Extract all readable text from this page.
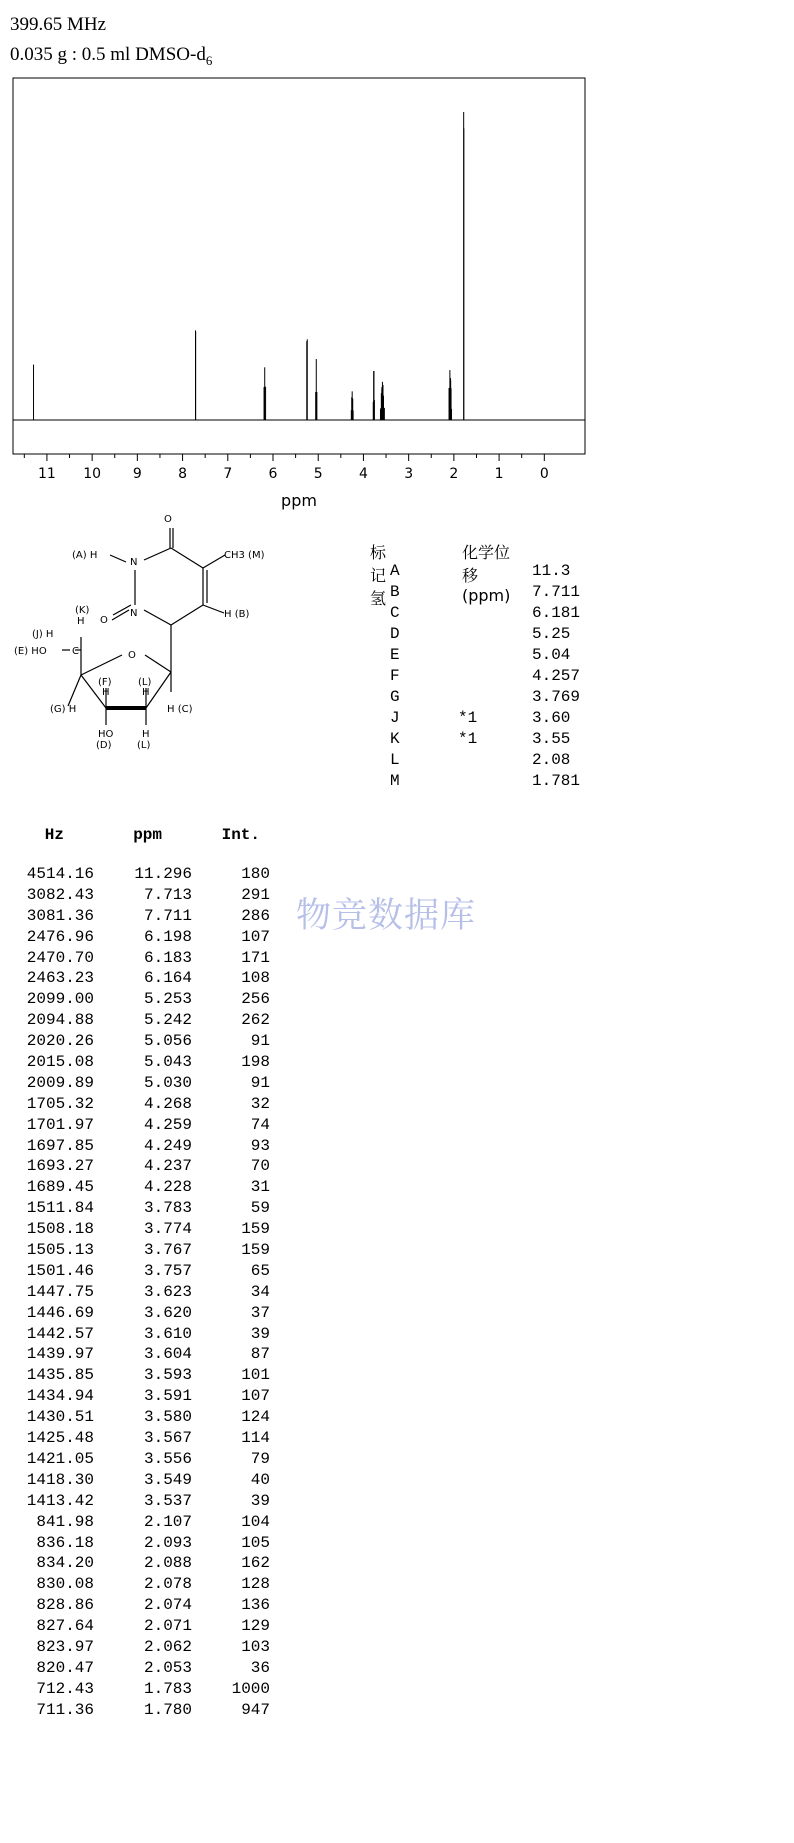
399.65 MHz
0.035 g : 0.5 ml DMSO-$d_6$
11 10 9	8	7	6	5	4	3	2	1	0
ppm
O
(A) H
N
CH3 (M)
O
N	H (B)
(K)
H
(J) H
(E) HO	C	O
(F)
H
(L)
H
(G) H	H (C)
HO
(D)
H
(L)
标记氢
化学位移 (ppm)
A	11.3
B	7.711
C	6.181
D	5.25
E	5.04
F	4.257
G	3.769
J	*1	3.60
K	*1	3.55
L	2.08
M	1.781
Hz	ppm	Int.
4514.16	11.296	180
3082.43	7.713	291
3081.36	7.711	286
2476.96	6.198	107
2470.70	6.183	171
2463.23	6.164	108
2099.00	5.253	256
2094.88	5.242	262
2020.26	5.056	91
2015.08	5.043	198
2009.89	5.030	91
1705.32	4.268	32
1701.97	4.259	74
1697.85	4.249	93
1693.27	4.237	70
1689.45	4.228	31
1511.84	3.783	59
1508.18	3.774	159
1505.13	3.767	159
1501.46	3.757	65
1447.75	3.623	34
1446.69	3.620	37
1442.57	3.610	39
1439.97	3.604	87
1435.85	3.593	101
1434.94	3.591	107
1430.51	3.580	124
1425.48	3.567	114
1421.05	3.556	79
1418.30	3.549	40
1413.42	3.537	39
841.98	2.107	104
836.18	2.093	105
834.20	2.088	162
830.08	2.078	128
828.86	2.074	136
827.64	2.071	129
823.97	2.062	103
820.47	2.053	36
712.43	1.783	1000
711.36	1.780	947
物竞数据库
